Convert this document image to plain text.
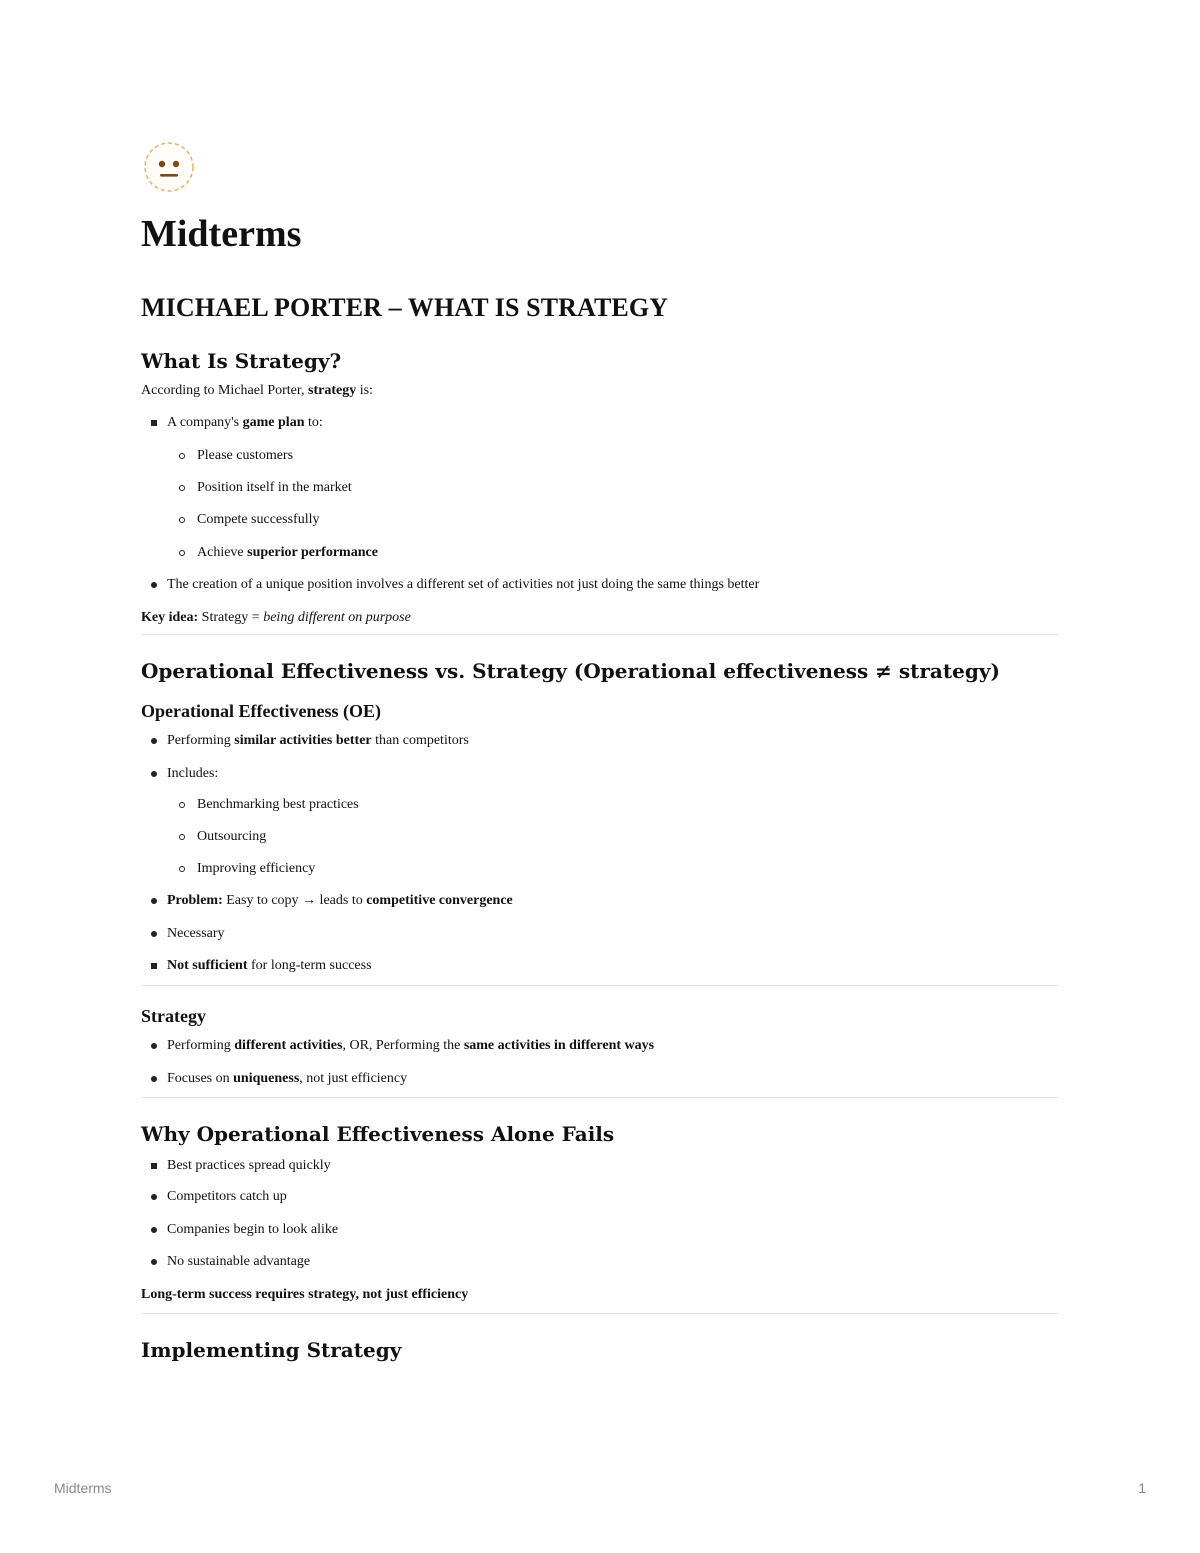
Midterms
MICHAEL PORTER – WHAT IS STRATEGY
What Is Strategy?

According to Michael Porter, strategy is:

A company's game plan to:
Please customers
Position itself in the market
Compete successfully
Achieve superior performance
The creation of a unique position involves a different set of activities not just doing the same things better

Key idea: Strategy = being different on purpose

Operational Effectiveness vs. Strategy (Operational effectiveness ≠ strategy)
Operational Effectiveness (OE)
Performing similar activities better than competitors
Includes:
Benchmarking best practices
Outsourcing
Improving efficiency
Problem: Easy to copy → leads to competitive convergence
Necessary
Not sufficient for long-term success
Strategy
Performing different activities, OR, Performing the same activities in different ways
Focuses on uniqueness, not just efficiency
Why Operational Effectiveness Alone Fails
Best practices spread quickly
Competitors catch up
Companies begin to look alike
No sustainable advantage

Long-term success requires strategy, not just efficiency

Implementing Strategy
Midterms	1
